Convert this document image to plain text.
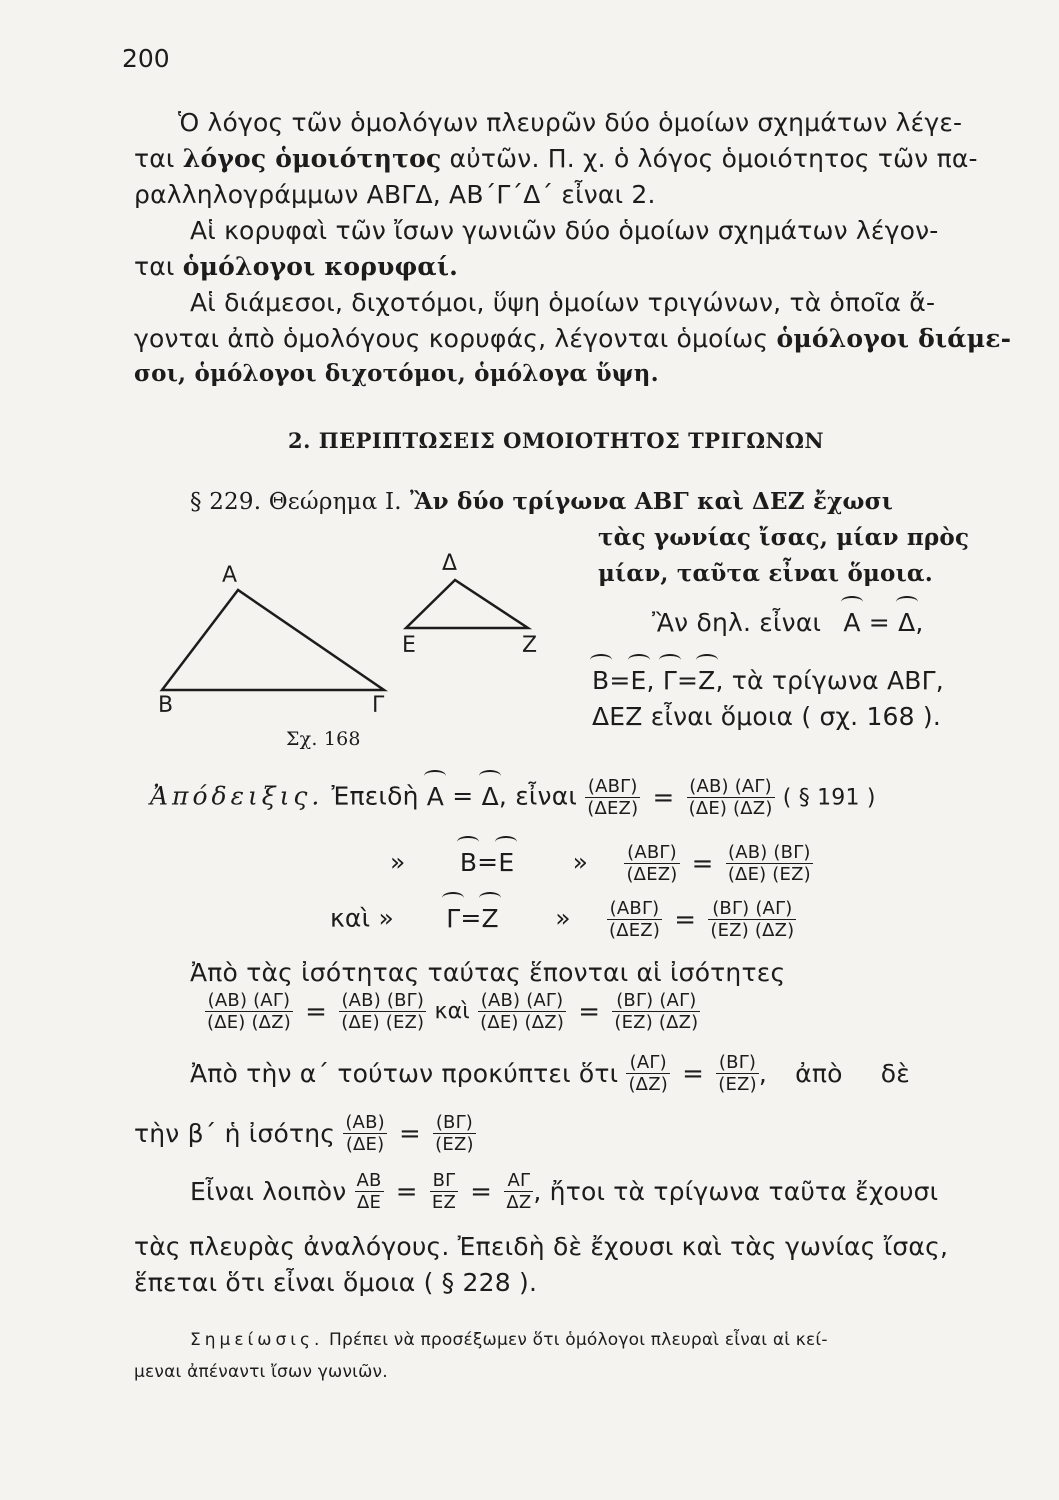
200
Ὁ λόγος τῶν ὁμολόγων πλευρῶν δύο ὁμοίων σχημάτων λέγε-
ται λόγος ὁμοιότητος αὐτῶν. Π. χ. ὁ λόγος ὁμοιότητος τῶν πα-
ραλληλογράμμων ΑΒΓΔ, ΑΒ΄Γ΄Δ΄ εἶναι 2.
Αἱ κορυφαὶ τῶν ἴσων γωνιῶν δύο ὁμοίων σχημάτων λέγον-
ται ὁμόλογοι κορυφαί.
Αἱ διάμεσοι, διχοτόμοι, ὕψη ὁμοίων τριγώνων, τὰ ὁποῖα ἄ-
γονται ἀπὸ ὁμολόγους κορυφάς, λέγονται ὁμοίως ὁμόλογοι διάμε-
σοι, ὁμόλογοι διχοτόμοι, ὁμόλογα ὕψη.
2. ΠΕΡΙΠΤΩΣΕΙΣ ΟΜΟΙΟΤΗΤΟΣ ΤΡΙΓΩΝΩΝ
§ 229. Θεώρημα Ι. Ἂν δύο τρίγωνα ΑΒΓ καὶ ΔΕΖ ἔχωσι
τὰς γωνίας ἴσας, μίαν πρὸς
μίαν, ταῦτα εἶναι ὅμοια.
Α
Β	Γ
Δ
Ε	Ζ
Σχ. 168
Ἂν δηλ. εἶναι Α = Δ,
Β=Ε, Γ=Ζ, τὰ τρίγωνα ΑΒΓ,
ΔΕΖ εἶναι ὅμοια ( σχ. 168 ).
Ἀπόδειξις. Ἐπειδὴ Α = Δ, εἶναι (ΑΒΓ)
$(\Delta EZ) = \frac{(AB) (A\Gamma)}{(\Delta E) (\Delta Z)}$ ( § 191 )
» Β=Ε » (ΑΒΓ)
$(\Delta EZ) = \frac{(AB) (B\Gamma)}{(\Delta E) (EZ)}$
καὶ » Γ=Ζ » (ΑΒΓ)
$(\Delta EZ) = \frac{(B\Gamma) (A\Gamma)}{(EZ) (\Delta Z)}$
Ἀπὸ τὰς ἰσότητας ταύτας ἕπονται αἱ ἰσότητες
$\frac{(AB) (A\Gamma)}{(\Delta E) (\Delta Z)} = \frac{(AB) (B\Gamma)}{(\Delta E) (EZ)}$ καὶ $\frac{(AB) (A\Gamma)}{(\Delta E) (\Delta Z)} = \frac{(B\Gamma) (A\Gamma)}{(EZ) (\Delta Z)}$
Ἀπὸ τὴν α΄ τούτων προκύπτει ὅτι $\frac{(A\Gamma)}{(\Delta Z)} = \frac{(B\Gamma)}{(EZ)}$ , ἀπὸ δὲ
τὴν β΄ ἡ ἰσότης $\frac{(AB)}{(\Delta E)} = \frac{(B\Gamma)}{(EZ)}$
Εἶναι λοιπὸν $\frac{AB}{\Delta E} = \frac{B\Gamma}{EZ} = \frac{A\Gamma}{\Delta Z}$ , ἤτοι τὰ τρίγωνα ταῦτα ἔχουσι
τὰς πλευρὰς ἀναλόγους. Ἐπειδὴ δὲ ἔχουσι καὶ τὰς γωνίας ἴσας,
ἕπεται ὅτι εἶναι ὅμοια ( § 228 ).
Σημείωσις. Πρέπει νὰ προσέξωμεν ὅτι ὁμόλογοι πλευραὶ εἶναι αἱ κεί-
μεναι ἀπέναντι ἴσων γωνιῶν.
